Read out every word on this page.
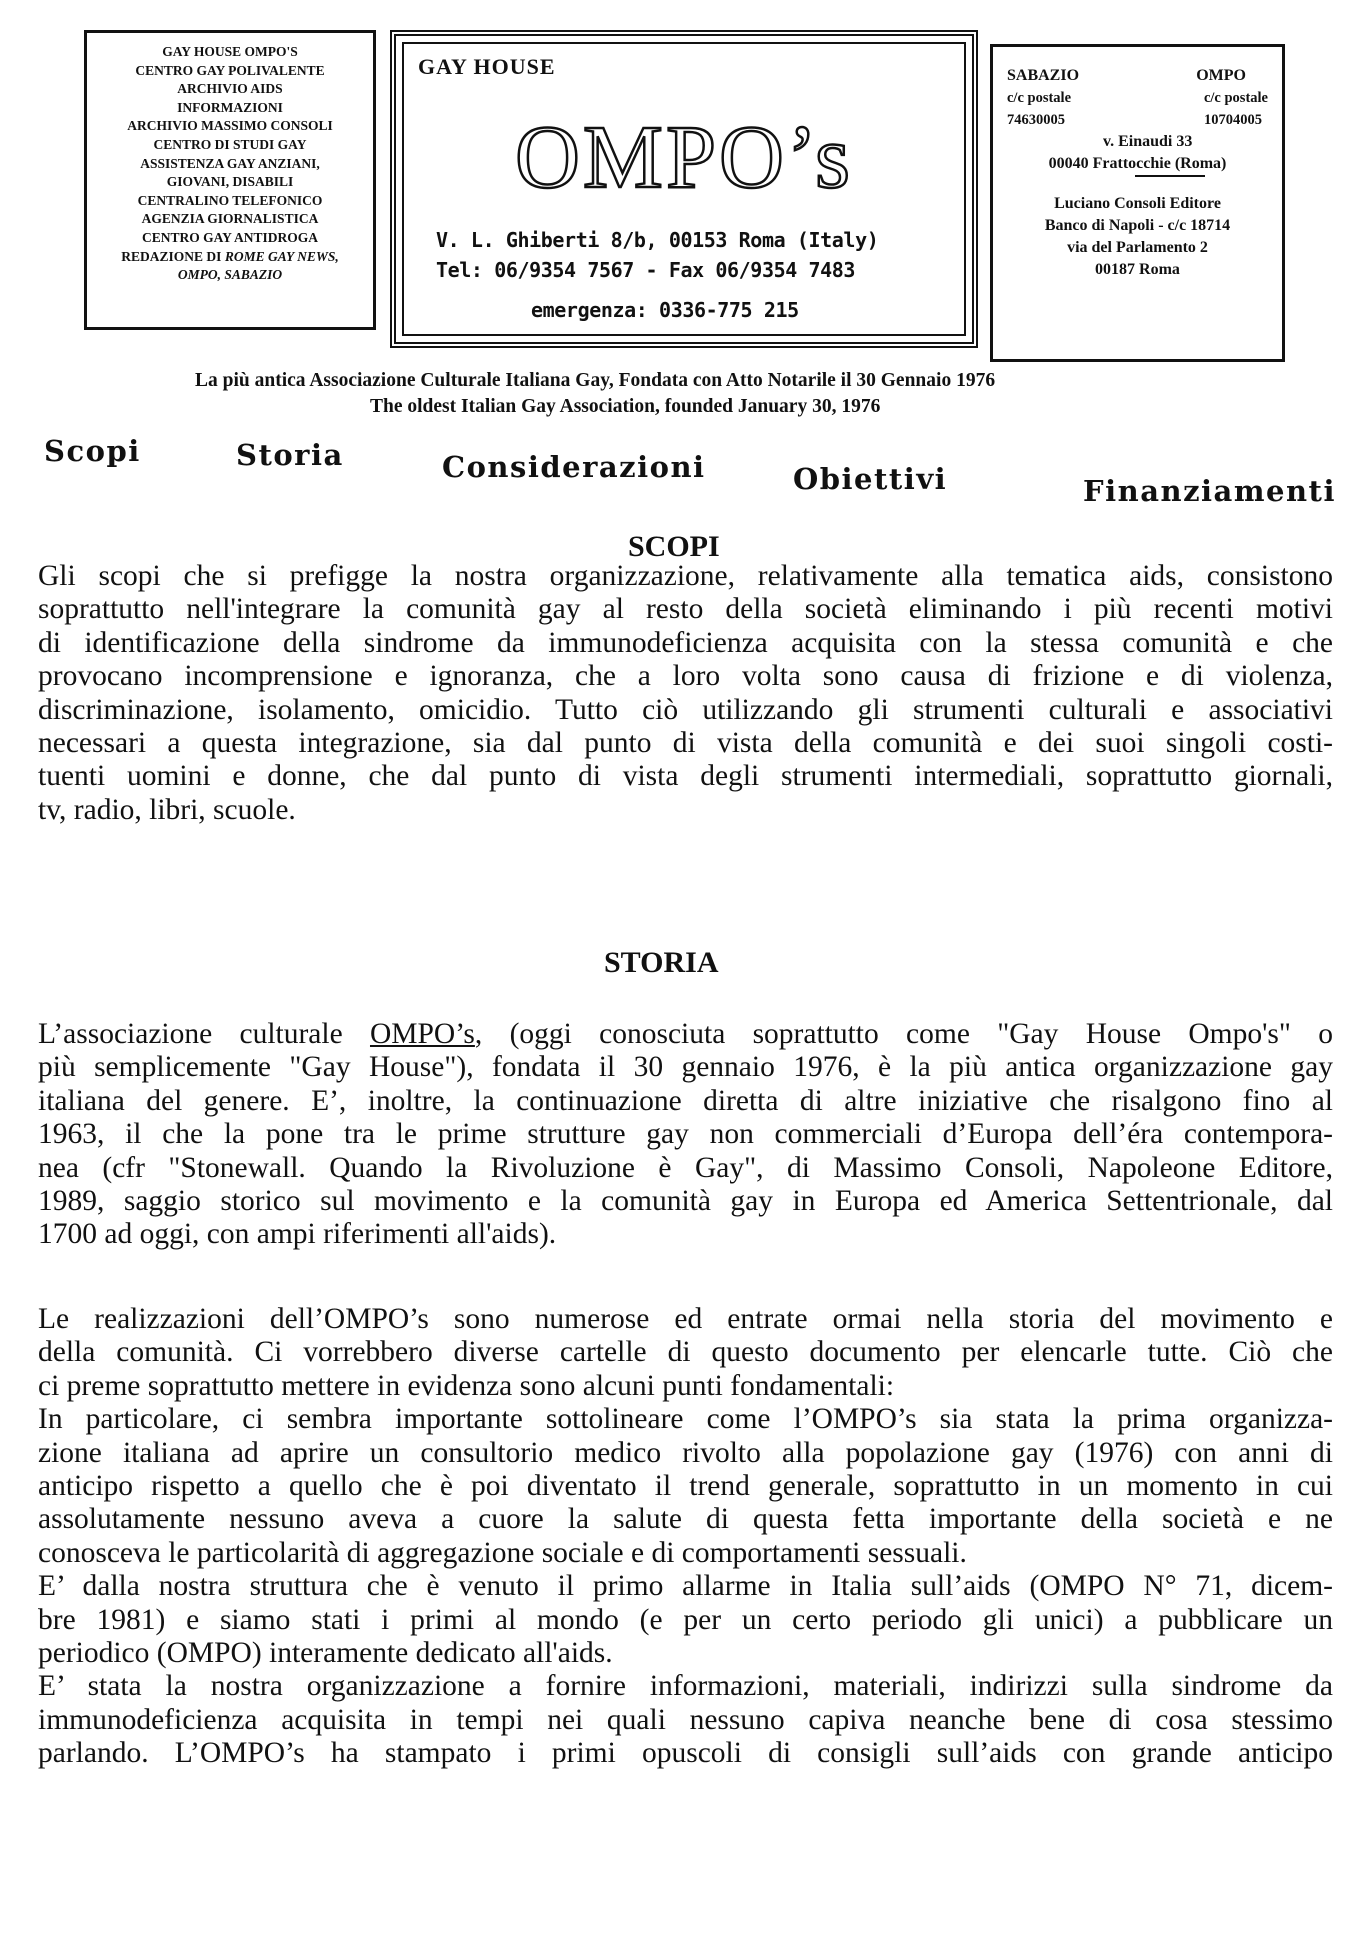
GAY HOUSE OMPO'S
CENTRO GAY POLIVALENTE
ARCHIVIO AIDS
INFORMAZIONI
ARCHIVIO MASSIMO CONSOLI
CENTRO DI STUDI GAY
ASSISTENZA GAY ANZIANI,
GIOVANI, DISABILI
CENTRALINO TELEFONICO
AGENZIA GIORNALISTICA
CENTRO GAY ANTIDROGA
REDAZIONE DI ROME GAY NEWS,
OMPO, SABAZIO
GAY HOUSE
OMPO’s
V. L. Ghiberti 8/b, 00153 Roma (Italy)
Tel: 06/9354 7567 - Fax 06/9354 7483
emergenza: 0336-775 215
SABAZIO	OMPO
c/c postale	c/c postale
74630005	10704005
v. Einaudi 33
00040 Frattocchie (Roma)
Luciano Consoli Editore
Banco di Napoli - c/c 18714
via del Parlamento 2
00187 Roma
La più antica Associazione Culturale Italiana Gay, Fondata con Atto Notarile il 30 Gennaio 1976
The oldest Italian Gay Association, founded January 30, 1976
Scopi	Storia	Considerazioni	Obiettivi	Finanziamenti
SCOPI
Gli scopi che si prefigge la nostra organizzazione, relativamente alla tematica aids, consistono
soprattutto nell'integrare la comunità gay al resto della società eliminando i più recenti motivi
di identificazione della sindrome da immunodeficienza acquisita con la stessa comunità e che
provocano incomprensione e ignoranza, che a loro volta sono causa di frizione e di violenza,
discriminazione, isolamento, omicidio. Tutto ciò utilizzando gli strumenti culturali e associativi
necessari a questa integrazione, sia dal punto di vista della comunità e dei suoi singoli costi-
tuenti uomini e donne, che dal punto di vista degli strumenti intermediali, soprattutto giornali,
tv, radio, libri, scuole.
STORIA
L’associazione culturale OMPO’s, (oggi conosciuta soprattutto come "Gay House Ompo's" o
più semplicemente "Gay House"), fondata il 30 gennaio 1976, è la più antica organizzazione gay
italiana del genere. E’, inoltre, la continuazione diretta di altre iniziative che risalgono fino al
1963, il che la pone tra le prime strutture gay non commerciali d’Europa dell’éra contempora-
nea (cfr "Stonewall. Quando la Rivoluzione è Gay", di Massimo Consoli, Napoleone Editore,
1989, saggio storico sul movimento e la comunità gay in Europa ed America Settentrionale, dal
1700 ad oggi, con ampi riferimenti all'aids).
Le realizzazioni dell’OMPO’s sono numerose ed entrate ormai nella storia del movimento e
della comunità. Ci vorrebbero diverse cartelle di questo documento per elencarle tutte. Ciò che
ci preme soprattutto mettere in evidenza sono alcuni punti fondamentali:
In particolare, ci sembra importante sottolineare come l’OMPO’s sia stata la prima organizza-
zione italiana ad aprire un consultorio medico rivolto alla popolazione gay (1976) con anni di
anticipo rispetto a quello che è poi diventato il trend generale, soprattutto in un momento in cui
assolutamente nessuno aveva a cuore la salute di questa fetta importante della società e ne
conosceva le particolarità di aggregazione sociale e di comportamenti sessuali.
E’ dalla nostra struttura che è venuto il primo allarme in Italia sull’aids (OMPO N° 71, dicem-
bre 1981) e siamo stati i primi al mondo (e per un certo periodo gli unici) a pubblicare un
periodico (OMPO) interamente dedicato all'aids.
E’ stata la nostra organizzazione a fornire informazioni, materiali, indirizzi sulla sindrome da
immunodeficienza acquisita in tempi nei quali nessuno capiva neanche bene di cosa stessimo
parlando. L’OMPO’s ha stampato i primi opuscoli di consigli sull’aids con grande anticipo
